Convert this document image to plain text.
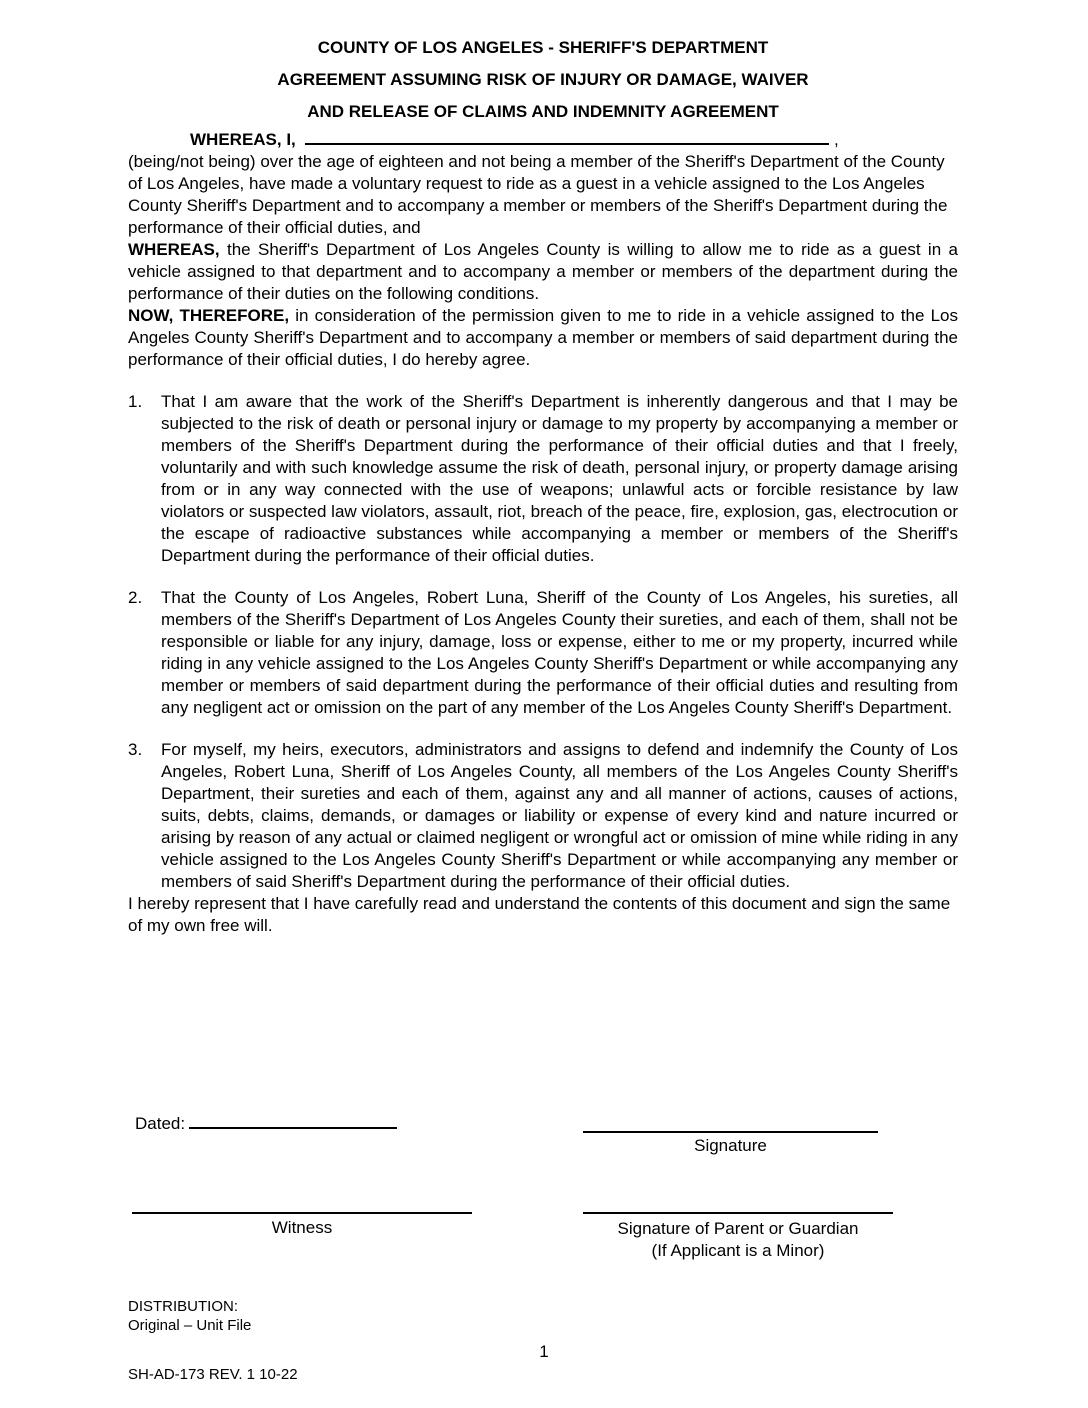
COUNTY OF LOS ANGELES - SHERIFF'S DEPARTMENT
AGREEMENT ASSUMING RISK OF INJURY OR DAMAGE, WAIVER
AND RELEASE OF CLAIMS AND INDEMNITY AGREEMENT

WHEREAS, I,	,
(being/not being) over the age of eighteen and not being a member of the Sheriff's Department of the County of Los Angeles, have made a voluntary request to ride as a guest in a vehicle assigned to the Los Angeles County Sheriff's Department and to accompany a member or members of the Sheriff's Department during the performance of their official duties, and

WHEREAS, the Sheriff's Department of Los Angeles County is willing to allow me to ride as a guest in a vehicle assigned to that department and to accompany a member or members of the department during the performance of their duties on the following conditions.

NOW, THEREFORE, in consideration of the permission given to me to ride in a vehicle assigned to the Los Angeles County Sheriff's Department and to accompany a member or members of said department during the performance of their official duties, I do hereby agree.

1.	That I am aware that the work of the Sheriff's Department is inherently dangerous and that I may be subjected to the risk of death or personal injury or damage to my property by accompanying a member or members of the Sheriff's Department during the performance of their official duties and that I freely, voluntarily and with such knowledge assume the risk of death, personal injury, or property damage arising from or in any way connected with the use of weapons; unlawful acts or forcible resistance by law violators or suspected law violators, assault, riot, breach of the peace, fire, explosion, gas, electrocution or the escape of radioactive substances while accompanying a member or members of the Sheriff's Department during the performance of their official duties.
2.	That the County of Los Angeles, Robert Luna, Sheriff of the County of Los Angeles, his sureties, all members of the Sheriff's Department of Los Angeles County their sureties, and each of them, shall not be responsible or liable for any injury, damage, loss or expense, either to me or my property, incurred while riding in any vehicle assigned to the Los Angeles County Sheriff's Department or while accompanying any member or members of said department during the performance of their official duties and resulting from any negligent act or omission on the part of any member of the Los Angeles County Sheriff's Department.
3.	For myself, my heirs, executors, administrators and assigns to defend and indemnify the County of Los Angeles, Robert Luna, Sheriff of Los Angeles County, all members of the Los Angeles County Sheriff's Department, their sureties and each of them, against any and all manner of actions, causes of actions, suits, debts, claims, demands, or damages or liability or expense of every kind and nature incurred or arising by reason of any actual or claimed negligent or wrongful act or omission of mine while riding in any vehicle assigned to the Los Angeles County Sheriff's Department or while accompanying any member or members of said Sheriff's Department during the performance of their official duties.

I hereby represent that I have carefully read and understand the contents of this document and sign the same of my own free will.

Dated:
Signature
Witness	Signature of Parent or Guardian
(If Applicant is a Minor)
DISTRIBUTION:
Original – Unit File
1
SH-AD-173 REV. 1 10-22
